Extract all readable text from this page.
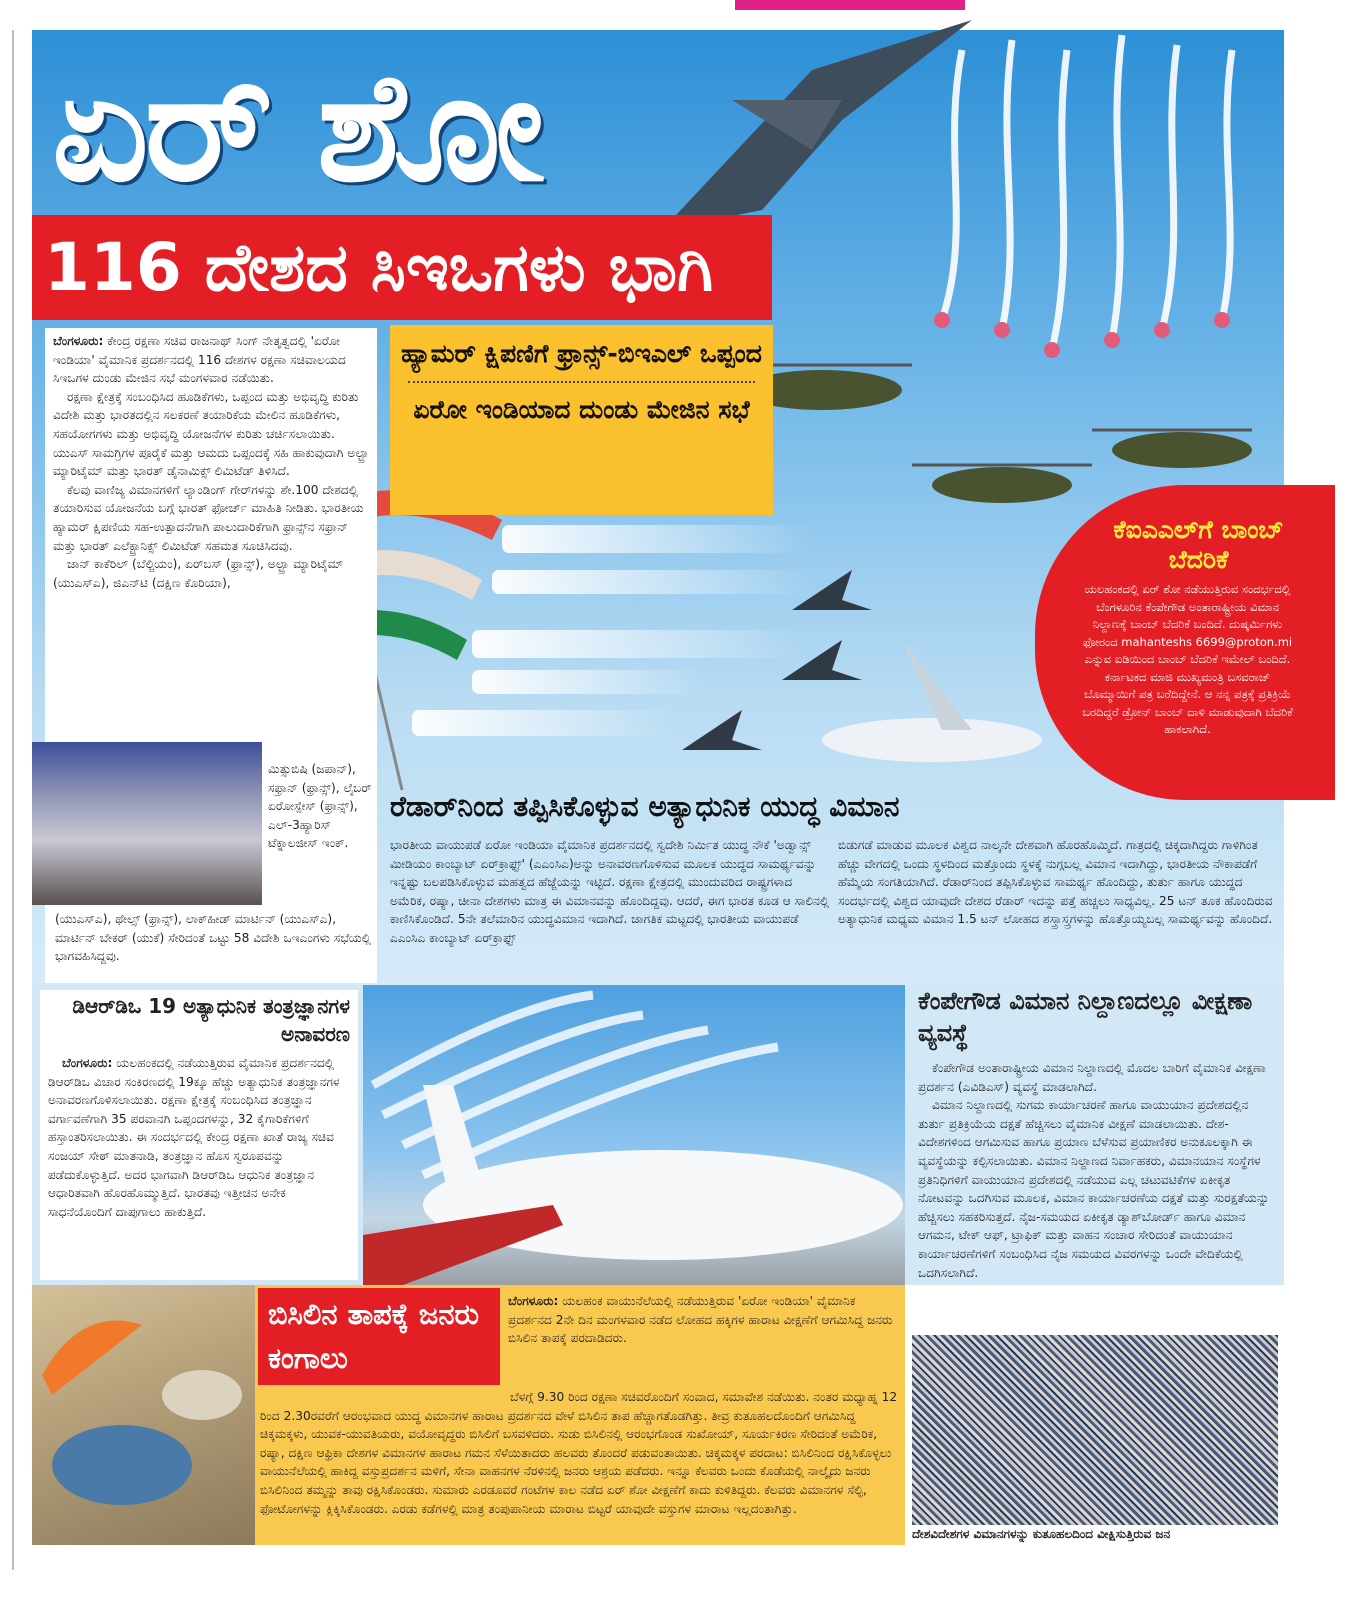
ಏರ್ ಶೋ
116 ದೇಶದ ಸಿಇಒಗಳು ಭಾಗಿ

ಬೆಂಗಳೂರು: ಕೇಂದ್ರ ರಕ್ಷಣಾ ಸಚಿವ ರಾಜನಾಥ್ ಸಿಂಗ್ ನೇತೃತ್ವದಲ್ಲಿ 'ಏರೋ ಇಂಡಿಯಾ' ವೈಮಾನಿಕ ಪ್ರದರ್ಶನದಲ್ಲಿ 116 ದೇಶಗಳ ರಕ್ಷಣಾ ಸಚಿವಾಲಯದ ಸಿಇಒಗಳ ದುಂಡು ಮೇಜಿನ ಸಭೆ ಮಂಗಳವಾರ ನಡೆಯಿತು.

ರಕ್ಷಣಾ ಕ್ಷೇತ್ರಕ್ಕೆ ಸಂಬಂಧಿಸಿದ ಹೂಡಿಕೆಗಳು, ಒಪ್ಪಂದ ಮತ್ತು ಅಭಿವೃದ್ಧಿ ಕುರಿತು ವಿದೇಶಿ ಮತ್ತು ಭಾರತದಲ್ಲಿನ ಸಲಕರಣೆ ತಯಾರಿಕೆಯ ಮೇಲಿನ ಹೂಡಿಕೆಗಳು, ಸಹಯೋಗಗಳು ಮತ್ತು ಅಭಿವೃದ್ಧಿ ಯೋಜನೆಗಳ ಕುರಿತು ಚರ್ಚಿಸಲಾಯಿತು. ಯುಎಸ್ ಸಾಮಗ್ರಿಗಳ ಪೂರೈಕೆ ಮತ್ತು ಆಮದು ಒಪ್ಪಂದಕ್ಕೆ ಸಹಿ ಹಾಕುವುದಾಗಿ ಅಲ್ಟ್ರಾ ಮ್ಯಾರಿಟೈಮ್ ಮತ್ತು ಭಾರತ್ ಡೈನಾಮಿಕ್ಸ್ ಲಿಮಿಟೆಡ್ ತಿಳಿಸಿದೆ.

ಕೆಲವು ವಾಣಿಜ್ಯ ವಿಮಾನಗಳಿಗೆ ಲ್ಯಾಂಡಿಂಗ್ ಗೇರ್‌ಗಳನ್ನು ಶೇ.100 ದೇಶದಲ್ಲಿ ತಯಾರಿಸುವ ಯೋಜನೆಯ ಬಗ್ಗೆ ಭಾರತ್ ಫೋರ್ಜ್ ಮಾಹಿತಿ ನೀಡಿತು. ಭಾರತೀಯ ಹ್ಯಾಮರ್ ಕ್ಷಿಪಣಿಯ ಸಹ-ಉತ್ಪಾದನೆಗಾಗಿ ಪಾಲುದಾರಿಕೆಗಾಗಿ ಫ್ರಾನ್ಸ್‌ನ ಸಫ್ರಾನ್ ಮತ್ತು ಭಾರತ್ ಎಲೆಕ್ಟ್ರಾನಿಕ್ಸ್ ಲಿಮಿಟೆಡ್ ಸಹಮತ ಸೂಚಿಸಿದವು.

ಜಾನ್ ಕಾಕೆರಿಲ್ (ಬೆಲ್ಜಿಯಂ), ಏರ್‌ಬಸ್ (ಫ್ರಾನ್ಸ್), ಅಲ್ಟ್ರಾ ಮ್ಯಾರಿಟೈಮ್ (ಯುಎಸ್‌ಎ), ಜಿಎನ್‌ಟಿ (ದಕ್ಷಿಣ ಕೊರಿಯಾ),

ಮಿತ್ಸುಬಿಷಿ (ಜಪಾನ್), ಸಫ್ರಾನ್ (ಫ್ರಾನ್ಸ್), ಲೈಬರ್ ಏರೋಸ್ಪೇಸ್ (ಫ್ರಾನ್ಸ್), ಎಲ್-3ಹ್ಯಾರಿಸ್ ಟೆಕ್ನಾಲಜೀಸ್ ಇಂಕ್.
(ಯುಎಸ್‌ಎ), ಥೇಲ್ಸ್ (ಫ್ರಾನ್ಸ್), ಲಾಕ್‌ಹೀಡ್ ಮಾರ್ಟಿನ್ (ಯುಎಸ್‌ಎ), ಮಾರ್ಟಿನ್ ಬೇಕರ್ (ಯುಕೆ) ಸೇರಿದಂತೆ ಒಟ್ಟು 58 ವಿದೇಶಿ ಒಇಎಂಗಳು ಸಭೆಯಲ್ಲಿ ಭಾಗವಹಿಸಿದ್ದವು.
ಹ್ಯಾಮರ್ ಕ್ಷಿಪಣಿಗೆ ಫ್ರಾನ್ಸ್-ಬಿಇಎಲ್ ಒಪ್ಪಂದ
ಏರೋ ಇಂಡಿಯಾದ ದುಂಡು ಮೇಜಿನ ಸಭೆ
ಕೆಐಎಎಲ್‌ಗೆ ಬಾಂಬ್ ಬೆದರಿಕೆ
ಯಲಹಂಕದಲ್ಲಿ ಏರ್ ಶೋ ನಡೆಯುತ್ತಿರುವ ಸಂದರ್ಭದಲ್ಲಿ ಬೆಂಗಳೂರಿನ ಕೆಂಪೇಗೌಡ ಅಂತಾರಾಷ್ಟ್ರೀಯ ವಿಮಾನ ನಿಲ್ದಾಣಕ್ಕೆ ಬಾಂಬ್ ಬೆದರಿಕೆ ಬಂದಿದೆ. ದುಷ್ಕರ್ಮಿಗಳು ಫೋರಂದ mahanteshs 6699@proton.mi ಎನ್ನುವ ಐಡಿಯಿಂದ ಬಾಂಬ್ ಬೆದರಿಕೆ ಇಮೇಲ್ ಬಂದಿದೆ. ಕರ್ನಾಟಕದ ಮಾಜಿ ಮುಖ್ಯಮಂತ್ರಿ ಬಸವರಾಜ್ ಬೊಮ್ಮಾಯಿಗೆ ಪತ್ರ ಬರೆದಿದ್ದೇನೆ. ಆ ನನ್ನ ಪತ್ರಕ್ಕೆ ಪ್ರತಿಕ್ರಿಯೆ ಬರದಿದ್ದರೆ ಡ್ರೋನ್ ಬಾಂಬ್ ದಾಳಿ ಮಾಡುವುದಾಗಿ ಬೆದರಿಕೆ ಹಾಕಲಾಗಿದೆ.
ರೆಡಾರ್‌ನಿಂದ ತಪ್ಪಿಸಿಕೊಳ್ಳುವ ಅತ್ಯಾಧುನಿಕ ಯುದ್ಧ ವಿಮಾನ
ಭಾರತೀಯ ವಾಯುಪಡೆ ಏರೋ ಇಂಡಿಯಾ ವೈಮಾನಿಕ ಪ್ರದರ್ಶನದಲ್ಲಿ ಸ್ವದೇಶಿ ನಿರ್ಮಿತ ಯುದ್ಧ ನೌಕೆ 'ಅಡ್ವಾನ್ಸ್ ಮೀಡಿಯಂ ಕಾಂಬ್ಯಾಟ್ ಏರ್‌ಕ್ರಾಫ್ಟ್' (ಎಎಂಸಿಎ)ಅನ್ನು ಅನಾವರಣಗೊಳಿಸುವ ಮೂಲಕ ಯುದ್ಧದ ಸಾಮರ್ಥ್ಯವನ್ನು ಇನ್ನಷ್ಟು ಬಲಪಡಿಸಿಕೊಳ್ಳುವ ಮಹತ್ವದ ಹೆಜ್ಜೆಯನ್ನು ಇಟ್ಟಿದೆ. ರಕ್ಷಣಾ ಕ್ಷೇತ್ರದಲ್ಲಿ ಮುಂದುವರಿದ ರಾಷ್ಟ್ರಗಳಾದ ಅಮೆರಿಕ, ರಷ್ಯಾ, ಚೀನಾ ದೇಶಗಳು ಮಾತ್ರ ಈ ವಿಮಾನವನ್ನು ಹೊಂದಿದ್ದವು. ಆದರೆ, ಈಗ ಭಾರತ ಕೂಡ ಆ ಸಾಲಿನಲ್ಲಿ ಕಾಣಿಸಿಕೊಂಡಿದೆ. 5ನೇ ತಲೆಮಾರಿನ ಯುದ್ಧವಿಮಾನ ಇದಾಗಿದೆ. ಜಾಗತಿಕ ಮಟ್ಟದಲ್ಲಿ ಭಾರತೀಯ ವಾಯುಪಡೆ ಎಎಂಸಿಎ ಕಾಂಬ್ಯಾಟ್ ಏರ್‌ಕ್ರಾಫ್ಟ್
ಬಿಡುಗಡೆ ಮಾಡುವ ಮೂಲಕ ವಿಶ್ವದ ನಾಲ್ಕನೇ ದೇಶವಾಗಿ ಹೊರಹೊಮ್ಮಿದೆ. ಗಾತ್ರದಲ್ಲಿ ಚಿಕ್ಕದಾಗಿದ್ದರು ಗಾಳಿಗಿಂತ ಹೆಚ್ಚು ವೇಗದಲ್ಲಿ ಒಂದು ಸ್ಥಳದಿಂದ ಮತ್ತೊಂದು ಸ್ಥಳಕ್ಕೆ ನುಗ್ಗಬಲ್ಲ ವಿಮಾನ ಇದಾಗಿದ್ದು, ಭಾರತೀಯ ನೌಕಾಪಡೆಗೆ ಹೆಮ್ಮೆಯ ಸಂಗತಿಯಾಗಿದೆ. ರೆಡಾರ್‌ನಿಂದ ತಪ್ಪಿಸಿಕೊಳ್ಳುವ ಸಾಮರ್ಥ್ಯ ಹೊಂದಿದ್ದು, ತುರ್ತು ಹಾಗೂ ಯುದ್ಧದ ಸಂದರ್ಭದಲ್ಲಿ ವಿಶ್ವದ ಯಾವುದೇ ದೇಶದ ರೆಡಾರ್ ಇದನ್ನು ಪತ್ತೆ ಹಚ್ಚಲು ಸಾಧ್ಯವಿಲ್ಲ. 25 ಟನ್ ತೂಕ ಹೊಂದಿರುವ ಅತ್ಯಾಧುನಿಕ ಮಧ್ಯಮ ವಿಮಾನ 1.5 ಟನ್ ಲೋಹದ ಶಸ್ತ್ರಾಸ್ತ್ರಗಳನ್ನು ಹೊತ್ತೊಯ್ಯಬಲ್ಲ ಸಾಮರ್ಥ್ಯವನ್ನು ಹೊಂದಿದೆ.
ಡಿಆರ್‌ಡಿಒ 19 ಅತ್ಯಾಧುನಿಕ ತಂತ್ರಜ್ಞಾನಗಳ ಅನಾವರಣ

ಬೆಂಗಳೂರು: ಯಲಹಂಕದಲ್ಲಿ ನಡೆಯುತ್ತಿರುವ ವೈಮಾನಿಕ ಪ್ರದರ್ಶನದಲ್ಲಿ ಡಿಆರ್‌ಡಿಒ ವಿಚಾರ ಸಂಕಿರಣದಲ್ಲಿ 19ಕ್ಕೂ ಹೆಚ್ಚು ಅತ್ಯಾಧುನಿಕ ತಂತ್ರಜ್ಞಾನಗಳ ಅನಾವರಣಗೊಳಿಸಲಾಯಿತು. ರಕ್ಷಣಾ ಕ್ಷೇತ್ರಕ್ಕೆ ಸಂಬಂಧಿಸಿದ ತಂತ್ರಜ್ಞಾನ ವರ್ಗಾವಣೆಗಾಗಿ 35 ಪರವಾನಗಿ ಒಪ್ಪಂದಗಳನ್ನು, 32 ಕೈಗಾರಿಕೆಗಳಿಗೆ ಹಸ್ತಾಂತರಿಸಲಾಯಿತು. ಈ ಸಂದರ್ಭದಲ್ಲಿ ಕೇಂದ್ರ ರಕ್ಷಣಾ ಖಾತೆ ರಾಜ್ಯ ಸಚಿವ ಸಂಜಯ್ ಸೇಠ್ ಮಾತನಾಡಿ, ತಂತ್ರಜ್ಞಾನ ಹೊಸ ಸ್ವರೂಪವನ್ನು ಪಡೆದುಕೊಳ್ಳುತ್ತಿದೆ. ಅದರ ಭಾಗವಾಗಿ ಡಿಆರ್‌ಡಿಒ ಆಧುನಿಕ ತಂತ್ರಜ್ಞಾನ ಆಧಾರಿತವಾಗಿ ಹೊರಹೊಮ್ಮುತ್ತಿದೆ. ಭಾರತವು ಇತ್ತೀಚಿನ ಅನೇಕ ಸಾಧನೆಯೊಂದಿಗೆ ದಾಪುಗಾಲು ಹಾಕುತ್ತಿದೆ.

ಕೆಂಪೇಗೌಡ ವಿಮಾನ ನಿಲ್ದಾಣದಲ್ಲೂ ವೀಕ್ಷಣಾ ವ್ಯವಸ್ಥೆ

ಕೆಂಪೇಗೌಡ ಅಂತಾರಾಷ್ಟ್ರೀಯ ವಿಮಾನ ನಿಲ್ದಾಣದಲ್ಲಿ ಮೊದಲ ಬಾರಿಗೆ ವೈಮಾನಿಕ ವೀಕ್ಷಣಾ ಪ್ರದರ್ಶನ (ಎವಿಡಿಎಸ್) ವ್ಯವಸ್ಥೆ ಮಾಡಲಾಗಿದೆ.

ವಿಮಾನ ನಿಲ್ದಾಣದಲ್ಲಿ ಸುಗಮ ಕಾರ್ಯಾಚರಣೆ ಹಾಗೂ ವಾಯುಯಾನ ಪ್ರದೇಶದಲ್ಲಿನ ತುರ್ತು ಪ್ರತಿಕ್ರಿಯೆಯ ದಕ್ಷತೆ ಹೆಚ್ಚಿಸಲು ವೈಮಾನಿಕ ವೀಕ್ಷಣೆ ಮಾಡಲಾಯಿತು. ದೇಶ-ವಿದೇಶಗಳಿಂದ ಆಗಮಿಸುವ ಹಾಗೂ ಪ್ರಯಾಣ ಬೆಳೆಸುವ ಪ್ರಯಾಣಿಕರ ಅನುಕೂಲಕ್ಕಾಗಿ ಈ ವ್ಯವಸ್ಥೆಯನ್ನು ಕಲ್ಪಿಸಲಾಯಿತು. ವಿಮಾನ ನಿಲ್ದಾಣದ ನಿರ್ವಾಹಕರು, ವಿಮಾನಯಾನ ಸಂಸ್ಥೆಗಳ ಪ್ರತಿನಿಧಿಗಳಿಗೆ ವಾಯುಯಾನ ಪ್ರದೇಶದಲ್ಲಿ ನಡೆಯುವ ಎಲ್ಲ ಚಟುವಟಿಕೆಗಳ ಏಕೀಕೃತ ನೋಟವನ್ನು ಒದಗಿಸುವ ಮೂಲಕ, ವಿಮಾನ ಕಾರ್ಯಾಚರಣೆಯ ದಕ್ಷತೆ ಮತ್ತು ಸುರಕ್ಷತೆಯನ್ನು ಹೆಚ್ಚಿಸಲು ಸಹಕರಿಸುತ್ತದೆ. ನೈಜ-ಸಮಯದ ಏಕೀಕೃತ ಡ್ಯಾಶ್‌ಬೋರ್ಡ್ ಹಾಗೂ ವಿಮಾನ ಆಗಮನ, ಟೇಕ್ ಆಫ್, ಟ್ರಾಫಿಕ್ ಮತ್ತು ವಾಹನ ಸಂಚಾರ ಸೇರಿದಂತೆ ವಾಯುಯಾನ ಕಾರ್ಯಾಚರಣೆಗಳಿಗೆ ಸಂಬಂಧಿಸಿದ ನೈಜ ಸಮಯದ ವಿವರಗಳನ್ನು ಒಂದೇ ವೇದಿಕೆಯಲ್ಲಿ ಒದಗಿಸಲಾಗಿದೆ.

ದೇಶವಿದೇಶಗಳ ವಿಮಾನಗಳನ್ನು ಕುತೂಹಲದಿಂದ ವೀಕ್ಷಿಸುತ್ತಿರುವ ಜನ
ಬಿಸಿಲಿನ ತಾಪಕ್ಕೆ ಜನರು ಕಂಗಾಲು

ಬೆಂಗಳೂರು: ಯಲಹಂಕ ವಾಯುನೆಲೆಯಲ್ಲಿ ನಡೆಯುತ್ತಿರುವ 'ಏರೋ ಇಂಡಿಯಾ' ವೈಮಾನಿಕ ಪ್ರದರ್ಶನದ 2ನೇ ದಿನ ಮಂಗಳವಾರ ನಡೆದ ಲೋಹದ ಹಕ್ಕಿಗಳ ಹಾರಾಟ ವೀಕ್ಷಣೆಗೆ ಆಗಮಿಸಿದ್ದ ಜನರು ಬಿಸಿಲಿನ ತಾಪಕ್ಕೆ ಪರದಾಡಿದರು.

ಬೆಳಗ್ಗೆ 9.30 ರಿಂದ ರಕ್ಷಣಾ ಸಚಿವರೊಂದಿಗೆ ಸಂವಾದ, ಸಮಾವೇಶ ನಡೆಯಿತು. ನಂತರ ಮಧ್ಯಾಹ್ನ 12 ರಿಂದ 2.30ರವರೆಗೆ ಆರಂಭವಾದ ಯುದ್ಧ ವಿಮಾನಗಳ ಹಾರಾಟ ಪ್ರದರ್ಶನದ ವೇಳೆ ಬಿಸಿಲಿನ ತಾಪ ಹೆಚ್ಚಾಗತೊಡಗಿತ್ತು. ತೀವ್ರ ಕುತೂಹಲದೊಂದಿಗೆ ಆಗಮಿಸಿದ್ದ ಚಿಕ್ಕಮಕ್ಕಳು, ಯುವಕ-ಯುವತಿಯರು, ವಯೋವೃದ್ಧರು ಬಿಸಿಲಿಗೆ ಬಸವಳಿದರು. ಸುಡು ಬಿಸಿಲಿನಲ್ಲಿ ಆರಂಭಗೊಂಡ ಸುಖೋಯ್, ಸೂರ್ಯಕಿರಣ ಸೇರಿದಂತೆ ಅಮೆರಿಕ, ರಷ್ಯಾ, ದಕ್ಷಿಣ ಆಫ್ರಿಕಾ ದೇಶಗಳ ವಿಮಾನಗಳ ಹಾರಾಟ ಗಮನ ಸೆಳೆಯಿತಾದರು ಹಲವರು ತೊಂದರೆ ಪಡುವಂತಾಯಿತು. ಚಿಕ್ಕಮಕ್ಕಳ ಪರದಾಟ: ಬಿಸಿಲಿನಿಂದ ರಕ್ಷಿಸಿಕೊಳ್ಳಲು ವಾಯುನೆಲೆಯಲ್ಲಿ ಹಾಕಿದ್ದ ವಸ್ತುಪ್ರದರ್ಶನ ಮಳಿಗೆ, ಸೇನಾ ವಾಹನಗಳ ನೆರಳಿನಲ್ಲಿ ಜನರು ಆಶ್ರಯ ಪಡೆದರು. ಇನ್ನೂ ಕೆಲವರು ಒಂದು ಕೊಡೆಯಲ್ಲಿ ನಾಲ್ಕೈದು ಜನರು ಬಿಸಿಲಿನಿಂದ ತಮ್ಮನ್ನು ತಾವು ರಕ್ಷಿಸಿಕೊಂಡರು. ಸುಮಾರು ಎರಡೂವರೆ ಗಂಟೆಗಳ ಕಾಲ ನಡೆದ ಏರ್ ಶೋ ವೀಕ್ಷಣೆಗೆ ಕಾದು ಕುಳಿತಿದ್ದರು. ಕೆಲವರು ವಿಮಾನಗಳ ಸೆಲ್ಫಿ, ಫೋಟೋಗಳನ್ನು ಕ್ಲಿಕ್ಕಿಸಿಕೊಂಡರು. ಎರಡು ಕಡೆಗಳಲ್ಲಿ ಮಾತ್ರ ತಂಪುಪಾನೀಯ ಮಾರಾಟ ಬಿಟ್ಟರೆ ಯಾವುದೇ ವಸ್ತುಗಳ ಮಾರಾಟ ಇಲ್ಲದಂತಾಗಿತ್ತು.
